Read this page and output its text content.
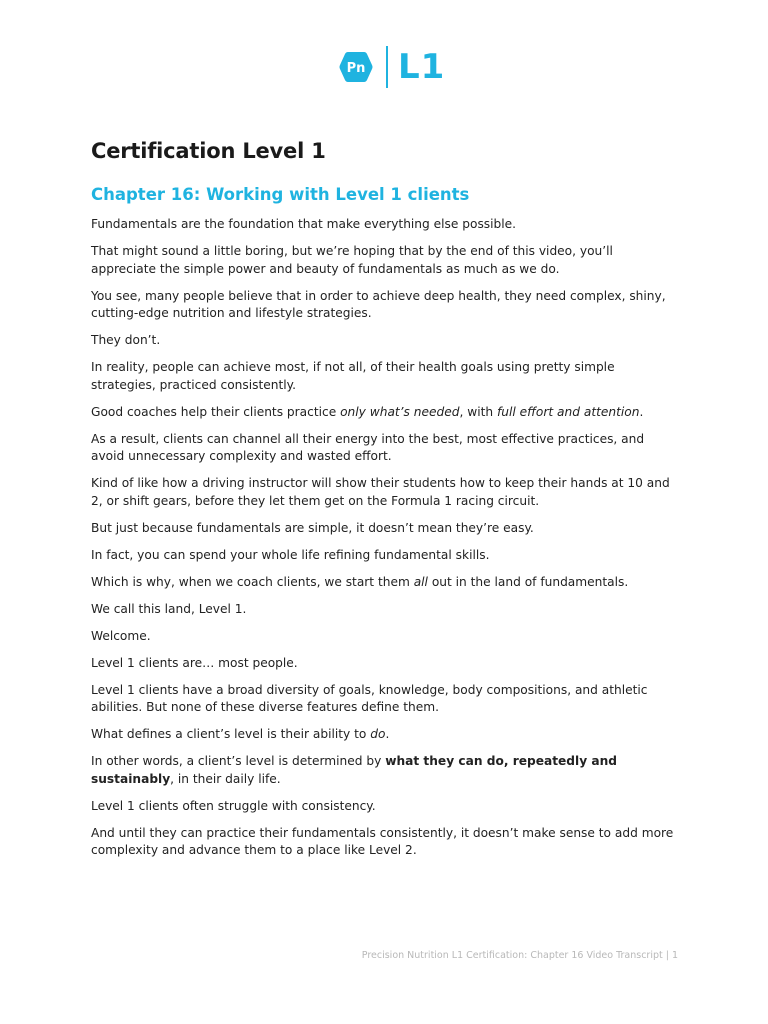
Pn L1
Certification Level 1
Chapter 16: Working with Level 1 clients

Fundamentals are the foundation that make everything else possible.

That might sound a little boring, but we’re hoping that by the end of this video, you’ll appreciate the simple power and beauty of fundamentals as much as we do.

You see, many people believe that in order to achieve deep health, they need complex, shiny, cutting-edge nutrition and lifestyle strategies.

They don’t.

In reality, people can achieve most, if not all, of their health goals using pretty simple strategies, practiced consistently.

Good coaches help their clients practice only what’s needed, with full effort and attention.

As a result, clients can channel all their energy into the best, most effective practices, and avoid unnecessary complexity and wasted effort.

Kind of like how a driving instructor will show their students how to keep their hands at 10 and 2, or shift gears, before they let them get on the Formula 1 racing circuit.

But just because fundamentals are simple, it doesn’t mean they’re easy.

In fact, you can spend your whole life refining fundamental skills.

Which is why, when we coach clients, we start them all out in the land of fundamentals.

We call this land, Level 1.

Welcome.

Level 1 clients are… most people.

Level 1 clients have a broad diversity of goals, knowledge, body compositions, and athletic abilities. But none of these diverse features define them.

What defines a client’s level is their ability to do.

In other words, a client’s level is determined by what they can do, repeatedly and sustainably, in their daily life.

Level 1 clients often struggle with consistency.

And until they can practice their fundamentals consistently, it doesn’t make sense to add more complexity and advance them to a place like Level 2.

Precision Nutrition L1 Certification: Chapter 16 Video Transcript | 1
